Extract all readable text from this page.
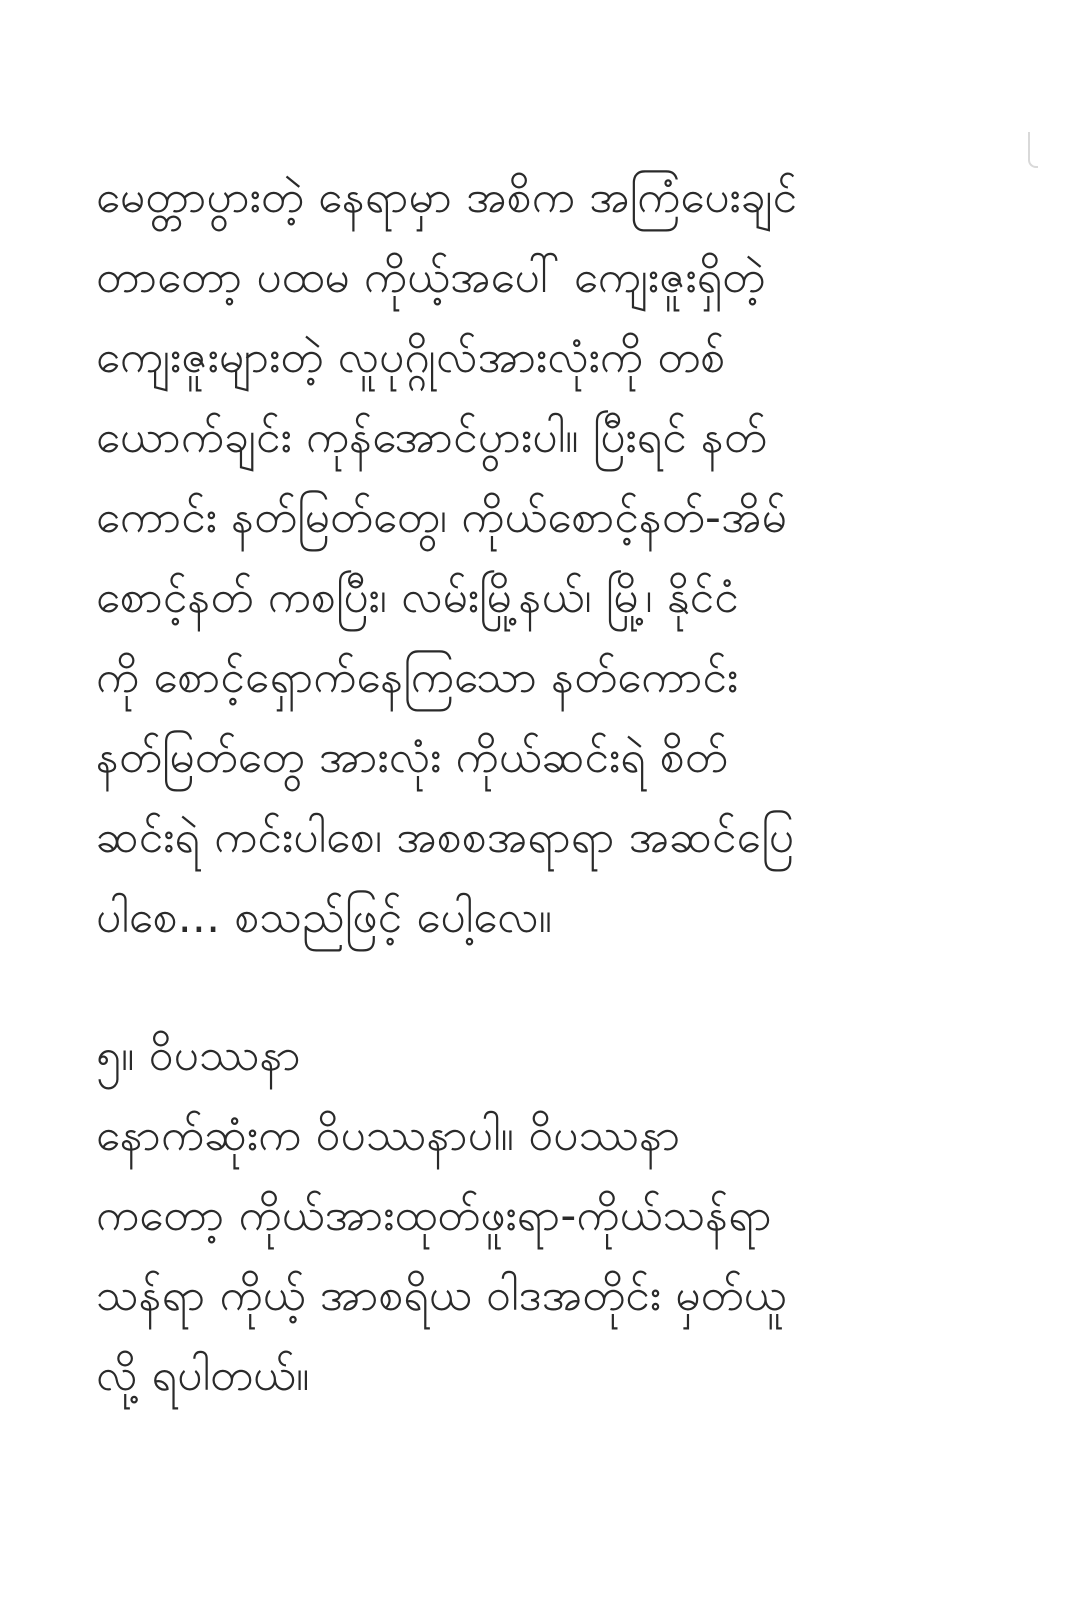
မေတ္တာပွားတဲ့ နေရာမှာ အစိက အကြံပေးချင်
တာတော့ ပထမ ကိုယ့်အပေါ် ကျေးဇူးရှိတဲ့
ကျေးဇူးများတဲ့ လူပုဂ္ဂိုလ်အားလုံးကို တစ်
ယောက်ချင်း ကုန်အောင်ပွားပါ။ ပြီးရင် နတ်
ကောင်း နတ်မြတ်တွေ၊ ကိုယ်စောင့်နတ်-အိမ်
စောင့်နတ် ကစပြီး၊ လမ်းမြို့နယ်၊ မြို့၊ နိုင်ငံ
ကို စောင့်ရှောက်နေကြသော နတ်ကောင်း
နတ်မြတ်တွေ အားလုံး ကိုယ်ဆင်းရဲ စိတ်
ဆင်းရဲ ကင်းပါစေ၊ အစစအရာရာ အဆင်ပြေ
ပါစေ... စသည်ဖြင့် ပေါ့လေ။
၅။ ဝိပဿနာ
နောက်ဆုံးက ဝိပဿနာပါ။ ဝိပဿနာ
ကတော့ ကိုယ်အားထုတ်ဖူးရာ-ကိုယ်သန်ရာ
သန်ရာ ကိုယ့် အာစရိယ ဝါဒအတိုင်း မှတ်ယူ
လို့ ရပါတယ်။
